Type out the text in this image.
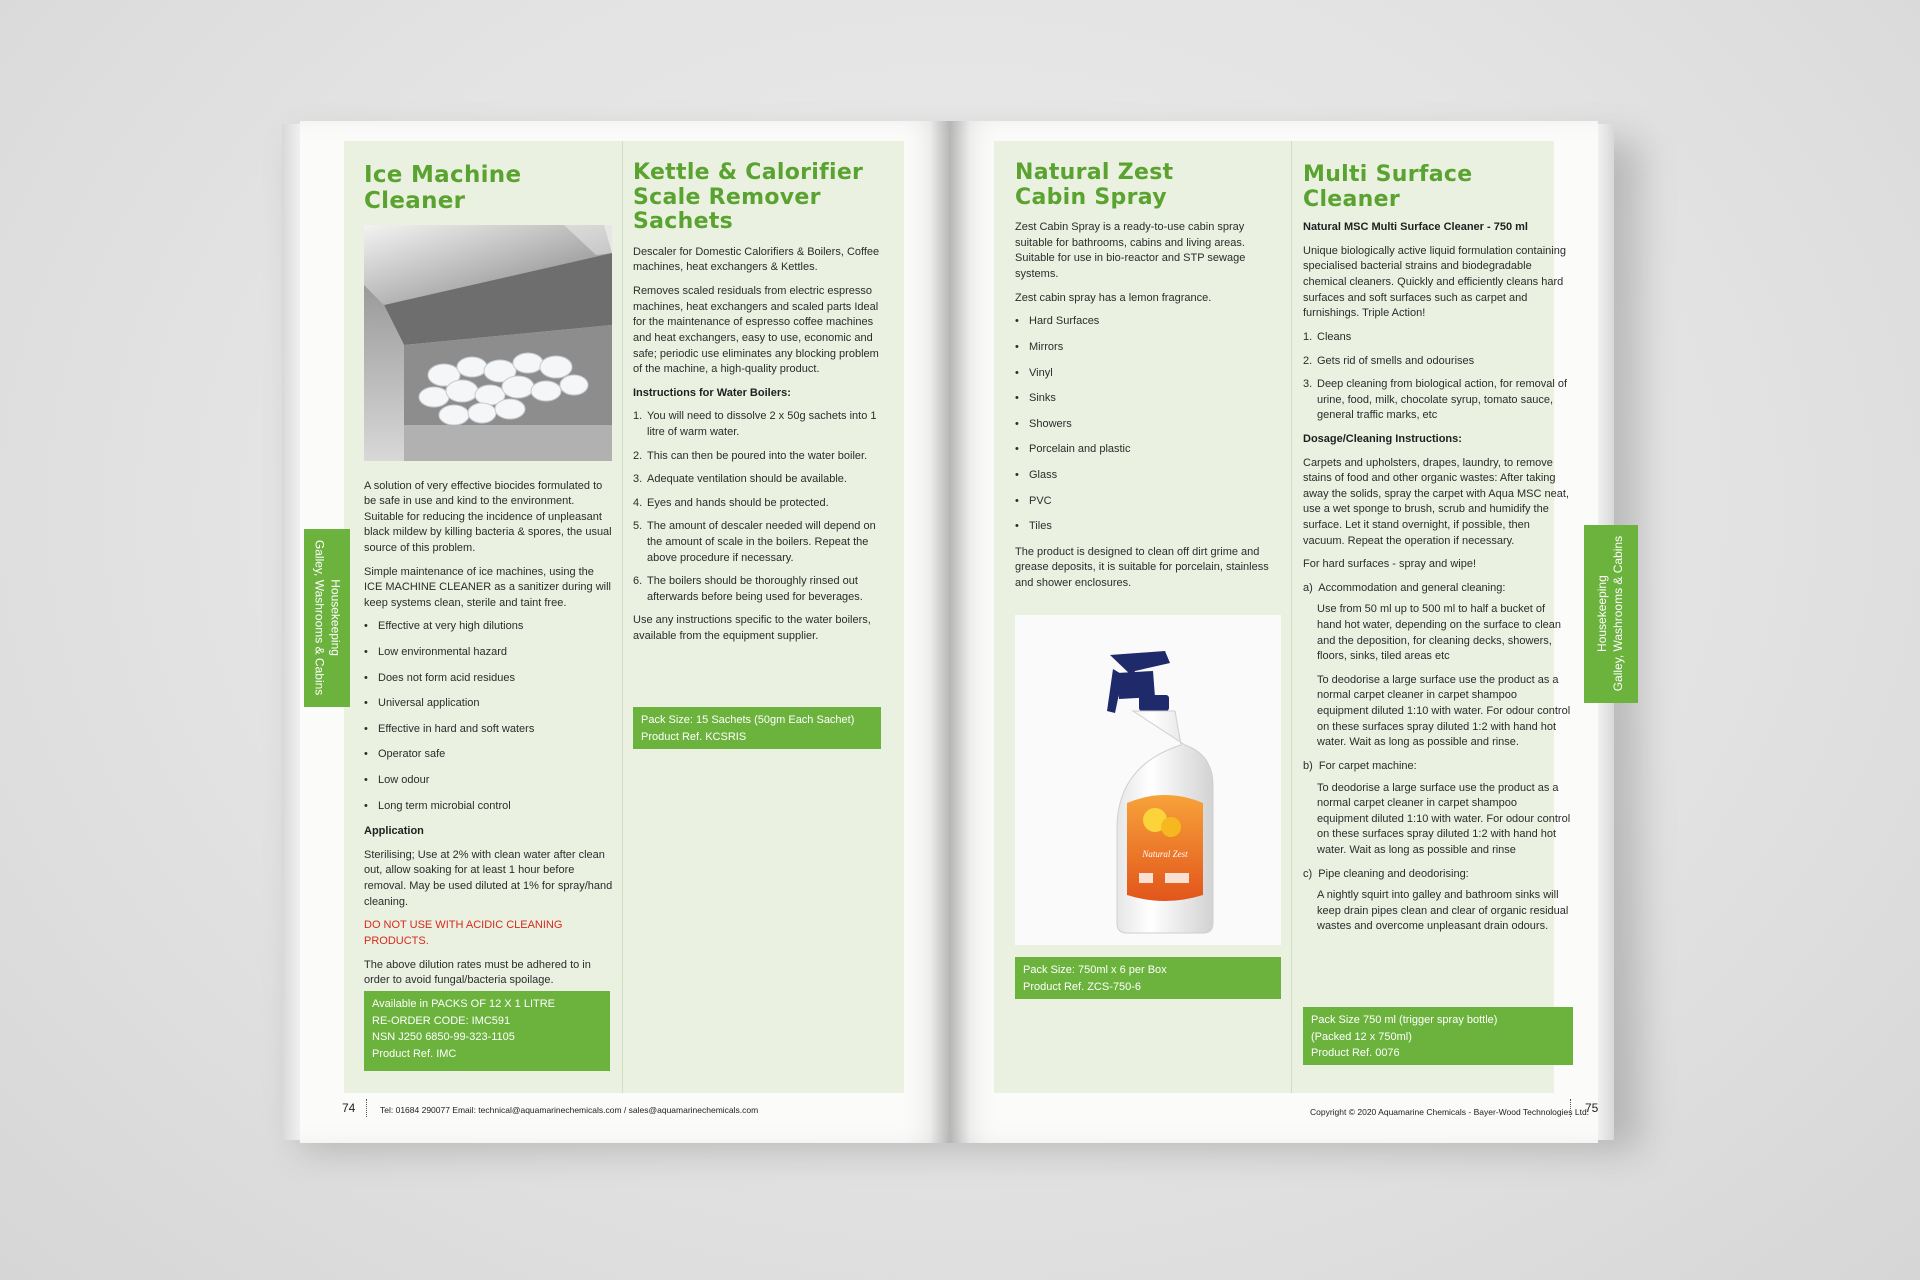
Ice Machine Cleaner

A solution of very effective biocides formulated to be safe in use and kind to the environment. Suitable for reducing the incidence of unpleasant black mildew by killing bacteria & spores, the usual source of this problem.

Simple maintenance of ice machines, using the ICE MACHINE CLEANER as a sanitizer during will keep systems clean, sterile and taint free.

• Effective at very high dilutions
• Low environmental hazard
• Does not form acid residues
• Universal application
• Effective in hard and soft waters
• Operator safe
• Low odour
• Long term microbial control
Application

Sterilising; Use at 2% with clean water after clean out, allow soaking for at least 1 hour before removal. May be used diluted at 1% for spray/hand cleaning.

DO NOT USE WITH ACIDIC CLEANING PRODUCTS.

The above dilution rates must be adhered to in order to avoid fungal/bacteria spoilage.

Available in PACKS OF 12 X 1 LITRE
RE-ORDER CODE: IMC591
NSN J250 6850-99-323-1105
Product Ref. IMC
Kettle & Calorifier
Scale Remover
Sachets

Descaler for Domestic Calorifiers & Boilers, Coffee machines, heat exchangers & Kettles.

Removes scaled residuals from electric espresso machines, heat exchangers and scaled parts Ideal for the maintenance of espresso coffee machines and heat exchangers, easy to use, economic and safe; periodic use eliminates any blocking problem of the machine, a high-quality product.

Instructions for Water Boilers:
1. You will need to dissolve 2 x 50g sachets into 1 litre of warm water.
2. This can then be poured into the water boiler.
3. Adequate ventilation should be available.
4. Eyes and hands should be protected.
5. The amount of descaler needed will depend on the amount of scale in the boilers. Repeat the above procedure if necessary.
6. The boilers should be thoroughly rinsed out afterwards before being used for beverages.

Use any instructions specific to the water boilers, available from the equipment supplier.

Pack Size: 15 Sachets (50gm Each Sachet)
Product Ref. KCSRIS
Housekeeping
Galley, Washrooms & Cabins
74	Tel: 01684 290077 Email: technical@aquamarinechemicals.com / sales@aquamarinechemicals.com
Natural Zest
Cabin Spray

Zest Cabin Spray is a ready-to-use cabin spray suitable for bathrooms, cabins and living areas. Suitable for use in bio-reactor and STP sewage systems.

Zest cabin spray has a lemon fragrance.

• Hard Surfaces
• Mirrors
• Vinyl
• Sinks
• Showers
• Porcelain and plastic
• Glass
• PVC
• Tiles

The product is designed to clean off dirt grime and grease deposits, it is suitable for porcelain, stainless and shower enclosures.

Natural Zest
Pack Size: 750ml x 6 per Box
Product Ref. ZCS-750-6
Multi Surface Cleaner
Natural MSC Multi Surface Cleaner - 750 ml

Unique biologically active liquid formulation containing specialised bacterial strains and biodegradable chemical cleaners. Quickly and efficiently cleans hard surfaces and soft surfaces such as carpet and furnishings. Triple Action!

1. Cleans
2. Gets rid of smells and odourises
3. Deep cleaning from biological action, for removal of urine, food, milk, chocolate syrup, tomato sauce, general traffic marks, etc
Dosage/Cleaning Instructions:

Carpets and upholsters, drapes, laundry, to remove stains of food and other organic wastes: After taking away the solids, spray the carpet with Aqua MSC neat, use a wet sponge to brush, scrub and humidify the surface. Let it stand overnight, if possible, then vacuum. Repeat the operation if necessary.

For hard surfaces - spray and wipe!

a) Accommodation and general cleaning:

Use from 50 ml up to 500 ml to half a bucket of hand hot water, depending on the surface to clean and the deposition, for cleaning decks, showers, floors, sinks, tiled areas etc

To deodorise a large surface use the product as a normal carpet cleaner in carpet shampoo equipment diluted 1:10 with water. For odour control on these surfaces spray diluted 1:2 with hand hot water. Wait as long as possible and rinse.

b) For carpet machine:

To deodorise a large surface use the product as a normal carpet cleaner in carpet shampoo equipment diluted 1:10 with water. For odour control on these surfaces spray diluted 1:2 with hand hot water. Wait as long as possible and rinse

c) Pipe cleaning and deodorising:

A nightly squirt into galley and bathroom sinks will keep drain pipes clean and clear of organic residual wastes and overcome unpleasant drain odours.

Pack Size 750 ml (trigger spray bottle)
(Packed 12 x 750ml)
Product Ref. 0076
Housekeeping Galley, Washrooms & Cabins
Copyright © 2020 Aquamarine Chemicals - Bayer-Wood Technologies Ltd.
75
